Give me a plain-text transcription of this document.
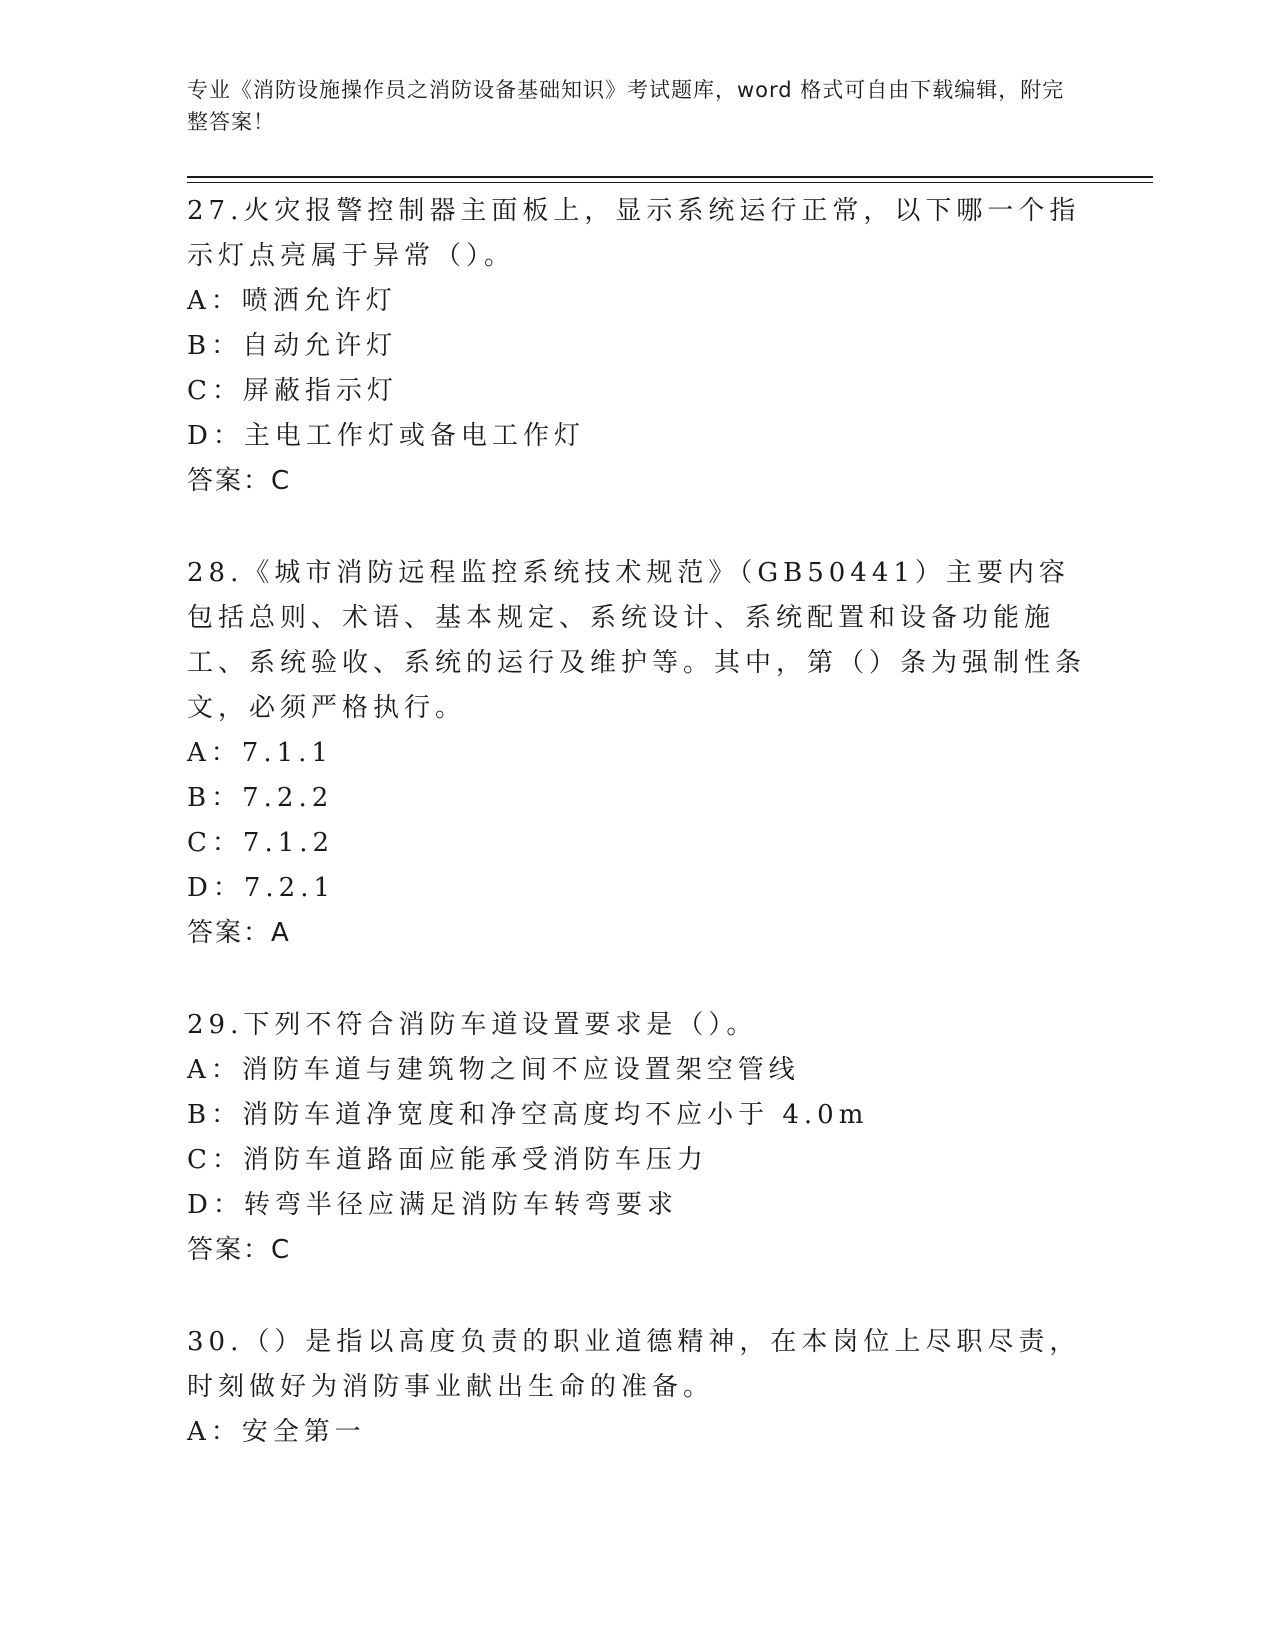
专业《消防设施操作员之消防设备基础知识》考试题库，word 格式可自由下载编辑，附完整答案！

27.火灾报警控制器主面板上，显示系统运行正常，以下哪一个指示灯点亮属于异常（）。

A：喷洒允许灯

B：自动允许灯

C：屏蔽指示灯

D：主电工作灯或备电工作灯

答案：C

28.《城市消防远程监控系统技术规范》（GB50441）主要内容包括总则、术语、基本规定、系统设计、系统配置和设备功能施工、系统验收、系统的运行及维护等。其中，第（）条为强制性条文，必须严格执行。

A：7.1.1

B：7.2.2

C：7.1.2

D：7.2.1

答案：A

29.下列不符合消防车道设置要求是（）。

A：消防车道与建筑物之间不应设置架空管线

B：消防车道净宽度和净空高度均不应小于 4.0m

C：消防车道路面应能承受消防车压力

D：转弯半径应满足消防车转弯要求

答案：C

30.（）是指以高度负责的职业道德精神，在本岗位上尽职尽责，时刻做好为消防事业献出生命的准备。

A：安全第一
